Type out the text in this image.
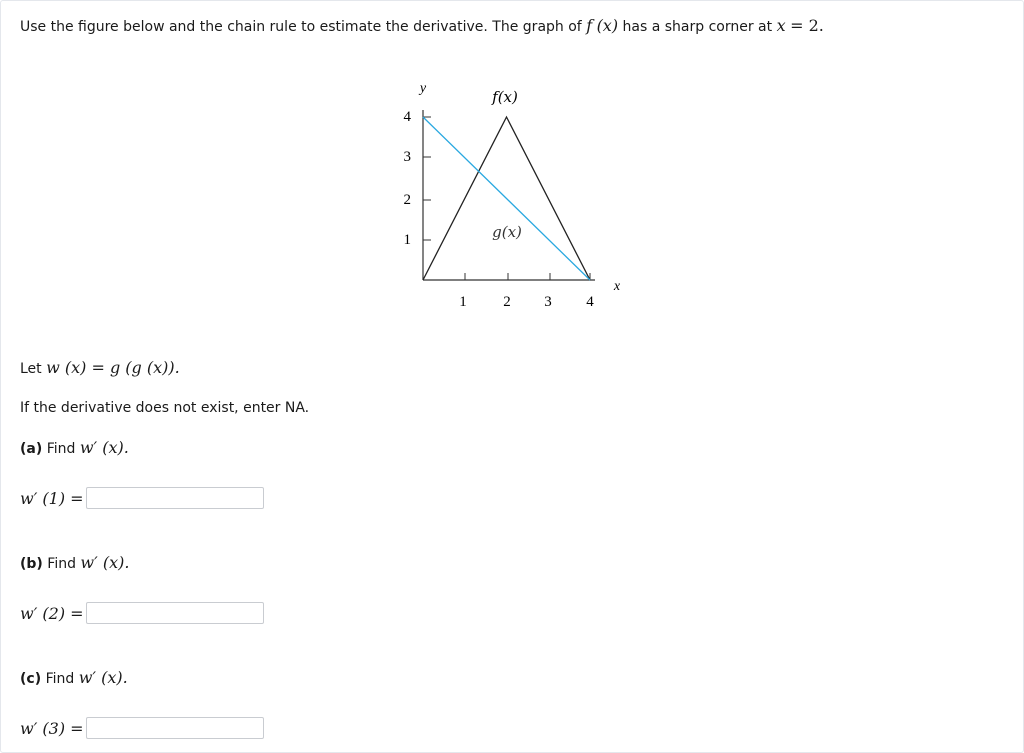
Use the figure below and the chain rule to estimate the derivative. The graph of f (x) has a sharp corner at x = 2.
1
2
3
4
1 2 3 4
y
x
f(x)
g(x)
Let w (x) = g (g (x)).
If the derivative does not exist, enter NA.
(a) Find w′ (x).
w′ (1) =
(b) Find w′ (x).
w′ (2) =
(c) Find w′ (x).
w′ (3) =
